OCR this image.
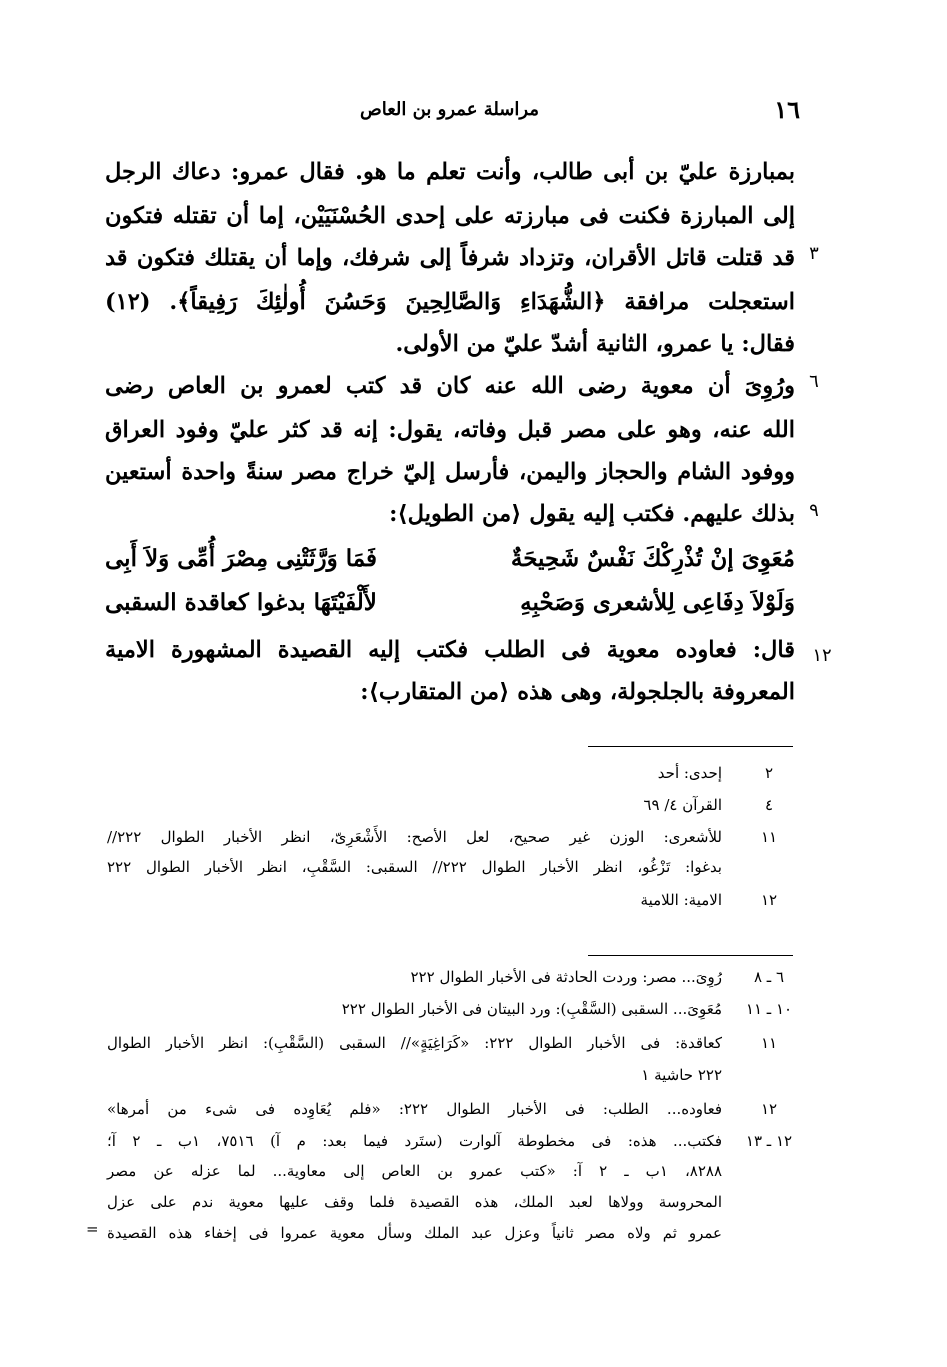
١٦
مراسلة عمرو بن العاص
بمبارزة عليّ بن أبى طالب، وأنت تعلم ما هو. فقال عمرو: دعاك الرجل
إلى المبارزة فكنت فى مبارزته على إحدى الحُسْنَيَيْن، إما أن تقتله فتكون
٣
قد قتلت قاتل الأقران، وتزداد شرفاً إلى شرفك، وإما أن يقتلك فتكون قد
استعجلت مرافقة ﴿الشُّهَدَاءِ وَالصَّالِحِينَ وَحَسُنَ أُولٰئِكَ رَفِيقاً﴾. (١٢)
فقال: يا عمرو، الثانية أشدّ عليّ من الأولى.
٦
ورُوِىَ أن معوية رضى الله عنه كان قد كتب لعمرو بن العاص رضى
الله عنه، وهو على مصر قبل وفاته، يقول: إنه قد كثر عليّ وفود العراق
ووفود الشام والحجاز واليمن، فأرسل إليّ خراج مصر سنةً واحدة أستعين
٩
بذلك عليهم. فكتب إليه يقول ⟨من الطويل⟩:
مُعَوِىَ إنْ تُذْرِكْكَ نَفْسٌ شَحِيحَةٌ
فَمَا وَرَّثَتْنِى مِصْرَ أُمِّى وَلاَ أَبِى
وَلَوْلاَ دِفَاعِى لِلأشعرى وَصَحْبِهِ
لأَلْفَيْتَهَا بدغوا كعاقدة السقبى
١٢
قال: فعاوده معوية فى الطلب فكتب إليه القصيدة المشهورة الامية
المعروفة بالجلجولة، وهى هذه ⟨من المتقارب⟩:
٢
إحدى: أحد
٤
القرآن ٤/ ٦٩
١١
للأشعرى: الوزن غير صحيح، لعل الأصح: الأَشْعَرِىّ، انظر الأخبار الطوال ٢٢٢//
بدغوا: تَزْغُو، انظر الأخبار الطوال ٢٢٢// السقبى: السَّقْبِ، انظر الأخبار الطوال ٢٢٢
١٢
الامية: اللامية
٦ ـ ٨
رُوِىَ... مصر: وردت الحادثة فى الأخبار الطوال ٢٢٢
١٠ ـ ١١
مُعَوِىَ... السقبى (السَّقْبِ): ورد البيتان فى الأخبار الطوال ٢٢٢
١١
كعاقدة: فى الأخبار الطوال ٢٢٢: «كَرَاغِيَةٍ»// السقبى (السَّقْبِ): انظر الأخبار الطوال
٢٢٢ حاشية ١
١٢
فعاوده... الطلب: فى الأخبار الطوال ٢٢٢: «فلم يُعَاوِده فى شىء من أمرها»
١٢ ـ ١٣
فكتب... هذه: فى مخطوطة آلوارت (ستَرد فيما بعد: م آ) ٧٥١٦، ١ب ـ ٢ آ؛
٨٢٨٨، ١ب ـ ٢ آ: «كتب عمرو بن العاص إلى معاوية... لما عزله عن مصر
المحروسة وولاها لعبد الملك، هذه القصيدة فلما وقف عليها معوية ندم على عزل
عمرو ثم ولاه مصر ثانياً وعزل عبد الملك وسأل معوية عمروا فى إخفاء هذه القصيدة
=
